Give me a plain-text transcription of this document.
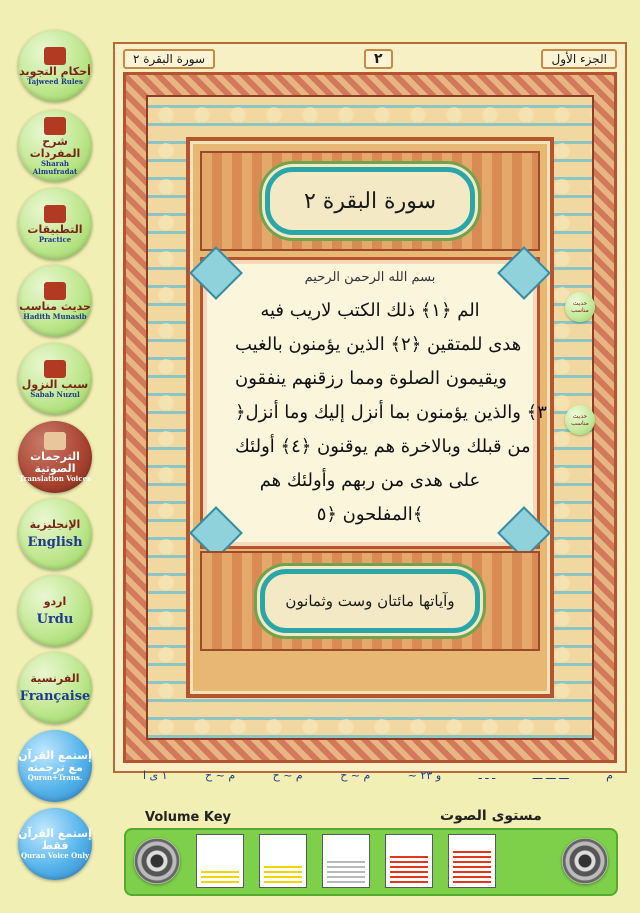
أحكام التجويد
Tajweed Rules
شرح المفردات
Sharah Almufradat
التطبيقات
Practice
حديث مناسب
Hadith Munasib
سبب النزول
Sabab Nuzul
الترجمات الصوتية
Translation Voices
الإنجليزية
English
اردو
Urdu
الفرنسية
Française
إستمع القرآن مع ترجمته
Quran+Trans.
إستمع القرآن فقط
Quran Voice Only
سورة البقرة ٢	٢	الجزء الأول
سورة البقرة ٢
بسم الله الرحمن الرحيم
الم ﴿١﴾ ذلك الكتب لاريب فيه
هدى للمتقين ﴿٢﴾ الذين يؤمنون بالغيب
ويقيمون الصلوة ومما رزقنهم ينفقون
﴿٣﴾ والذين يؤمنون بما أنزل إليك وما أنزل
من قبلك وبالاخرة هم يوقنون ﴿٤﴾ أولئك
على هدى من ربهم وأولئك هم
المفلحون ﴿٥﴾
وآياتها مائتان وست وثمانون
حديث مناسب
حديث مناسب
١ ى ا	م ~ ح	م ~ ح	م ~ ح	~ و ٢٣	ـ ـ ـ	ـــ ـــ ـــ	م
Volume Key	مستوى الصوت
